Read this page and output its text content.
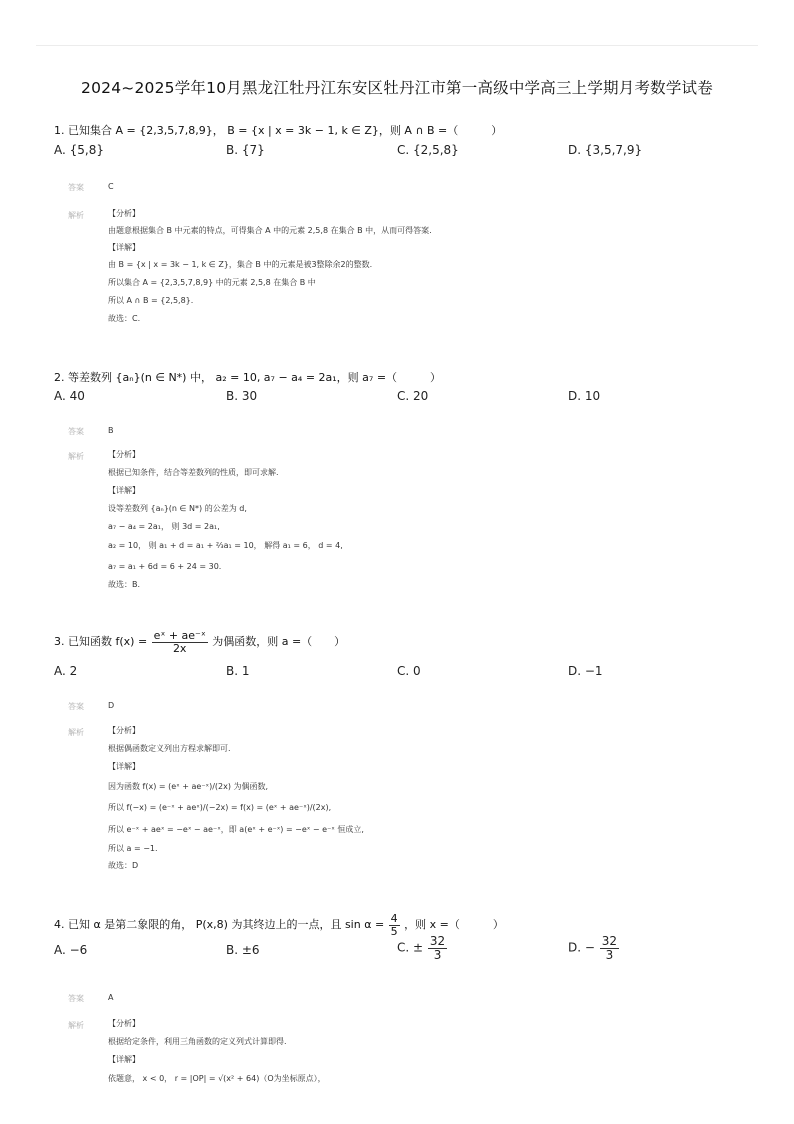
2024~2025学年10月黑龙江牡丹江东安区牡丹江市第一高级中学高三上学期月考数学试卷
1. 已知集合 A = {2,3,5,7,8,9}， B = {x | x = 3k − 1, k ∈ Z}，则 A ∩ B =（　　　）
A. {5,8}	B. {7}	C. {2,5,8}	D. {3,5,7,9}
答案	C
解析	【分析】
由题意根据集合 B 中元素的特点，可得集合 A 中的元素 2,5,8 在集合 B 中，从而可得答案.
【详解】
由 B = {x | x = 3k − 1, k ∈ Z}，集合 B 中的元素是被3整除余2的整数.
所以集合 A = {2,3,5,7,8,9} 中的元素 2,5,8 在集合 B 中
所以 A ∩ B = {2,5,8}.
故选：C.
2. 等差数列 {aₙ}(n ∈ N*) 中， a₂ = 10, a₇ − a₄ = 2a₁，则 a₇ =（　　　）
A. 40	B. 30	C. 20	D. 10
答案	B
解析	【分析】
根据已知条件，结合等差数列的性质，即可求解.
【详解】
设等差数列 {aₙ}(n ∈ N*) 的公差为 d,
a₇ − a₄ = 2a₁， 则 3d = 2a₁,
a₂ = 10， 则 a₁ + d = a₁ + ⅔a₁ = 10， 解得 a₁ = 6， d = 4,
a₇ = a₁ + 6d = 6 + 24 = 30.
故选：B.
3. 已知函数 $f(x) = \frac{\text{eˣ + ae⁻ˣ}}{2x}$ 为偶函数，则 a =（　　）
A. 2	B. 1	C. 0	D. −1
答案	D
解析	【分析】
根据偶函数定义列出方程求解即可.
【详解】
因为函数 f(x) = (eˣ + ae⁻ˣ)/(2x) 为偶函数,
所以 f(−x) = (e⁻ˣ + aeˣ)/(−2x) = f(x) = (eˣ + ae⁻ˣ)/(2x),
所以 e⁻ˣ + aeˣ = −eˣ − ae⁻ˣ，即 a(eˣ + e⁻ˣ) = −eˣ − e⁻ˣ 恒成立,
所以 a = −1.
故选：D
4. 已知 α 是第二象限的角， P(x,8) 为其终边上的一点，且 $\sin \alpha = \frac{4}{5}$ ，则 x =（　　　）
A. −6	B. ±6	C. ± $\frac{32}{3}$	D. − $\frac{32}{3}$
答案	A
解析	【分析】
根据给定条件，利用三角函数的定义列式计算即得.
【详解】
依题意， x < 0， r = |OP| = √(x² + 64)（O为坐标原点），
